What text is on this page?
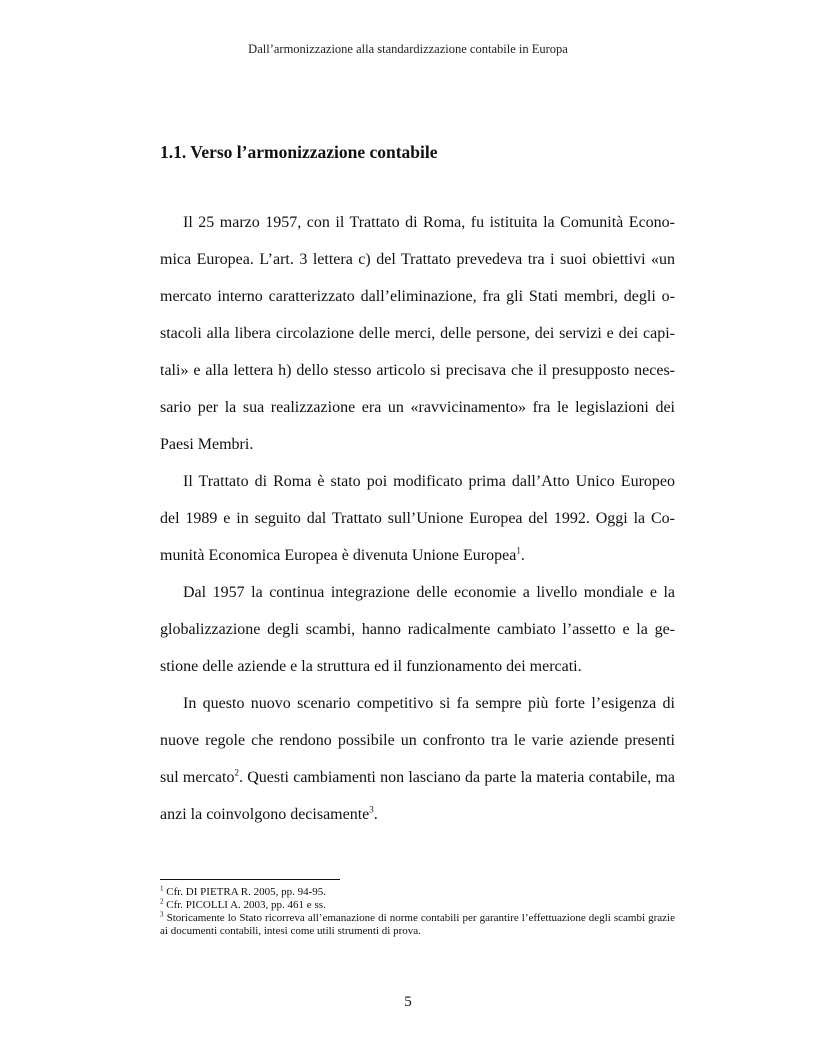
Dall’armonizzazione alla standardizzazione contabile in Europa
1.1. Verso l’armonizzazione contabile

Il 25 marzo 1957, con il Trattato di Roma, fu istituita la Comunità Economica Europea. L’art. 3 lettera c) del Trattato prevedeva tra i suoi obiettivi «un mercato interno caratterizzato dall’eliminazione, fra gli Stati membri, degli ostacoli alla libera circolazione delle merci, delle persone, dei servizi e dei capitali» e alla lettera h) dello stesso articolo si precisava che il presupposto necessario per la sua realizzazione era un «ravvicinamento» fra le legislazioni dei Paesi Membri.

Il Trattato di Roma è stato poi modificato prima dall’Atto Unico Europeo del 1989 e in seguito dal Trattato sull’Unione Europea del 1992. Oggi la Comunità Economica Europea è divenuta Unione Europea$^1$.

Dal 1957 la continua integrazione delle economie a livello mondiale e la globalizzazione degli scambi, hanno radicalmente cambiato l’assetto e la gestione delle aziende e la struttura ed il funzionamento dei mercati.

In questo nuovo scenario competitivo si fa sempre più forte l’esigenza di nuove regole che rendono possibile un confronto tra le varie aziende presenti sul mercato$^2$. Questi cambiamenti non lasciano da parte la materia contabile, ma anzi la coinvolgono decisamente$^3$.

$^1$ Cfr. DI PIETRA R. 2005, pp. 94-95.

$^2$ Cfr. PICOLLI A. 2003, pp. 461 e ss.

$^3$ Storicamente lo Stato ricorreva all’emanazione di norme contabili per garantire l’effettuazione degli scambi grazie ai documenti contabili, intesi come utili strumenti di prova.

5
